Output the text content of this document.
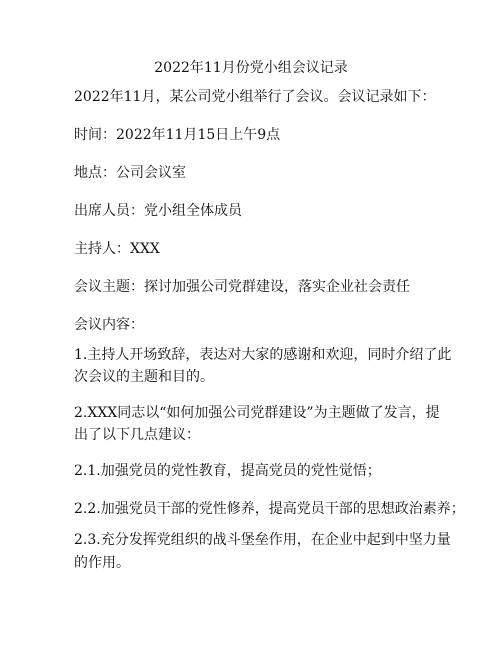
2022年11月份党小组会议记录
2022年11月，某公司党小组举行了会议。会议记录如下：
时间：2022年11月15日上午9点
地点：公司会议室
出席人员：党小组全体成员
主持人：XXX
会议主题：探讨加强公司党群建设，落实企业社会责任
会议内容：
1.主持人开场致辞，表达对大家的感谢和欢迎，同时介绍了此
次会议的主题和目的。
2.XXX同志以“如何加强公司党群建设”为主题做了发言，提
出了以下几点建议：
2.1.加强党员的党性教育，提高党员的党性觉悟；
2.2.加强党员干部的党性修养，提高党员干部的思想政治素养；
2.3.充分发挥党组织的战斗堡垒作用，在企业中起到中坚力量
的作用。
